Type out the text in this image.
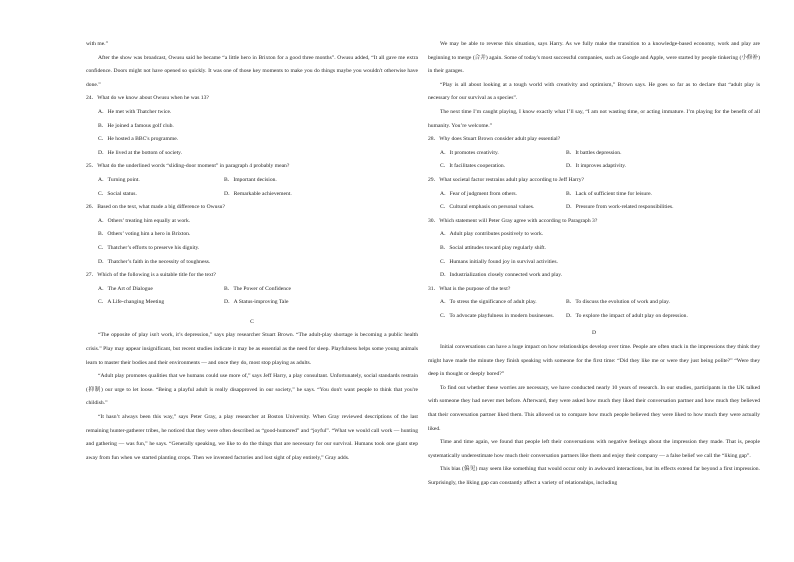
with me.”

After the show was broadcast, Owusu said he became “a little hero in Brixton for a good three months”. Owusu added, “It all gave me extra confidence. Doors might not have opened so quickly. It was one of those key moments to make you do things maybe you wouldn't otherwise have done.”

24．What do we know about Owusu when he was 13?

A．He met with Thatcher twice.

B．He joined a famous golf club.

C．He hosted a BBC's programme.

D．He lived at the bottom of society.

25．What do the underlined words “sliding-door moment” in paragraph 4 probably mean?

A．Turning point.	B．Important decision.
C．Social status.	D．Remarkable achievement.

26．Based on the text, what made a big difference to Owusu?

A．Others’ treating him equally at work.

B．Others’ voting him a hero in Brixton.

C．Thatcher’s efforts to preserve his dignity.

D．Thatcher’s faith in the necessity of toughness.

27．Which of the following is a suitable title for the text?

A．The Art of Dialogue	B．The Power of Confidence
C．A Life-changing Meeting	D．A Status-improving Tale

C

“The opposite of play isn't work, it’s depression,” says play researcher Stuart Brown. “The adult-play shortage is becoming a public health crisis.” Play may appear insignificant, but recent studies indicate it may be as essential as the need for sleep. Playfulness helps some young animals learn to master their bodies and their environments — and once they do, most stop playing as adults.

“Adult play promotes qualities that we humans could use more of,” says Jeff Harry, a play consultant. Unfortunately, social standards restrain (抑制) our urge to let loose. “Being a playful adult is really disapproved in our society,” he says. “You don't want people to think that you're childish.”

“It hasn’t always been this way,” says Peter Gray, a play researcher at Boston University. When Gray reviewed descriptions of the last remaining hunter-gatherer tribes, he noticed that they were often described as “good-humored” and “joyful”. “What we would call work — hunting and gathering — was fun,” he says. “Generally speaking, we like to do the things that are necessary for our survival. Humans took one giant step away from fun when we started planting crops. Then we invented factories and lost sight of play entirely,” Gray adds.

We may be able to reverse this situation, says Harry. As we fully make the transition to a knowledge-based economy, work and play are beginning to merge (合并) again. Some of today's most successful companies, such as Google and Apple, were started by people tinkering (小修补) in their garages.

“Play is all about looking at a tough world with creativity and optimism,” Brown says. He goes so far as to declare that “adult play is necessary for our survival as a species”.

The next time I’m caught playing, I know exactly what I’ll say, “I am not wasting time, or acting immature. I’m playing for the benefit of all humanity. You’re welcome.”

28．Why does Stuart Brown consider adult play essential?

A．It promotes creativity.	B．It battles depression.
C．It facilitates cooperation.	D．It improves adaptivity.

29．What societal factor restrains adult play according to Jeff Harry?

A．Fear of judgment from others.	B．Lack of sufficient time for leisure.
C．Cultural emphasis on personal values.	D．Pressure from work-related responsibilities.

30．Which statement will Peter Gray agree with according to Paragraph 3?

A．Adult play contributes positively to work.

B．Social attitudes toward play regularly shift.

C．Humans initially found joy in survival activities.

D．Industrialization closely connected work and play.

31．What is the purpose of the text?

A．To stress the significance of adult play.	B．To discuss the evolution of work and play.
C．To advocate playfulness in modern businesses.	D．To explore the impact of adult play on depression.

D

Initial conversations can have a huge impact on how relationships develop over time. People are often stuck in the impressions they think they might have made the minute they finish speaking with someone for the first time: “Did they like me or were they just being polite?” “Were they deep in thought or deeply bored?”

To find out whether these worries are necessary, we have conducted nearly 10 years of research. In our studies, participants in the UK talked with someone they had never met before. Afterward, they were asked how much they liked their conversation partner and how much they believed that their conversation partner liked them. This allowed us to compare how much people believed they were liked to how much they were actually liked.

Time and time again, we found that people left their conversations with negative feelings about the impression they made. That is, people systematically underestimate how much their conversation partners like them and enjoy their company — a false belief we call the “liking gap”.

This bias (偏见) may seem like something that would occur only in awkward interactions, but its effects extend far beyond a first impression. Surprisingly, the liking gap can constantly affect a variety of relationships, including
